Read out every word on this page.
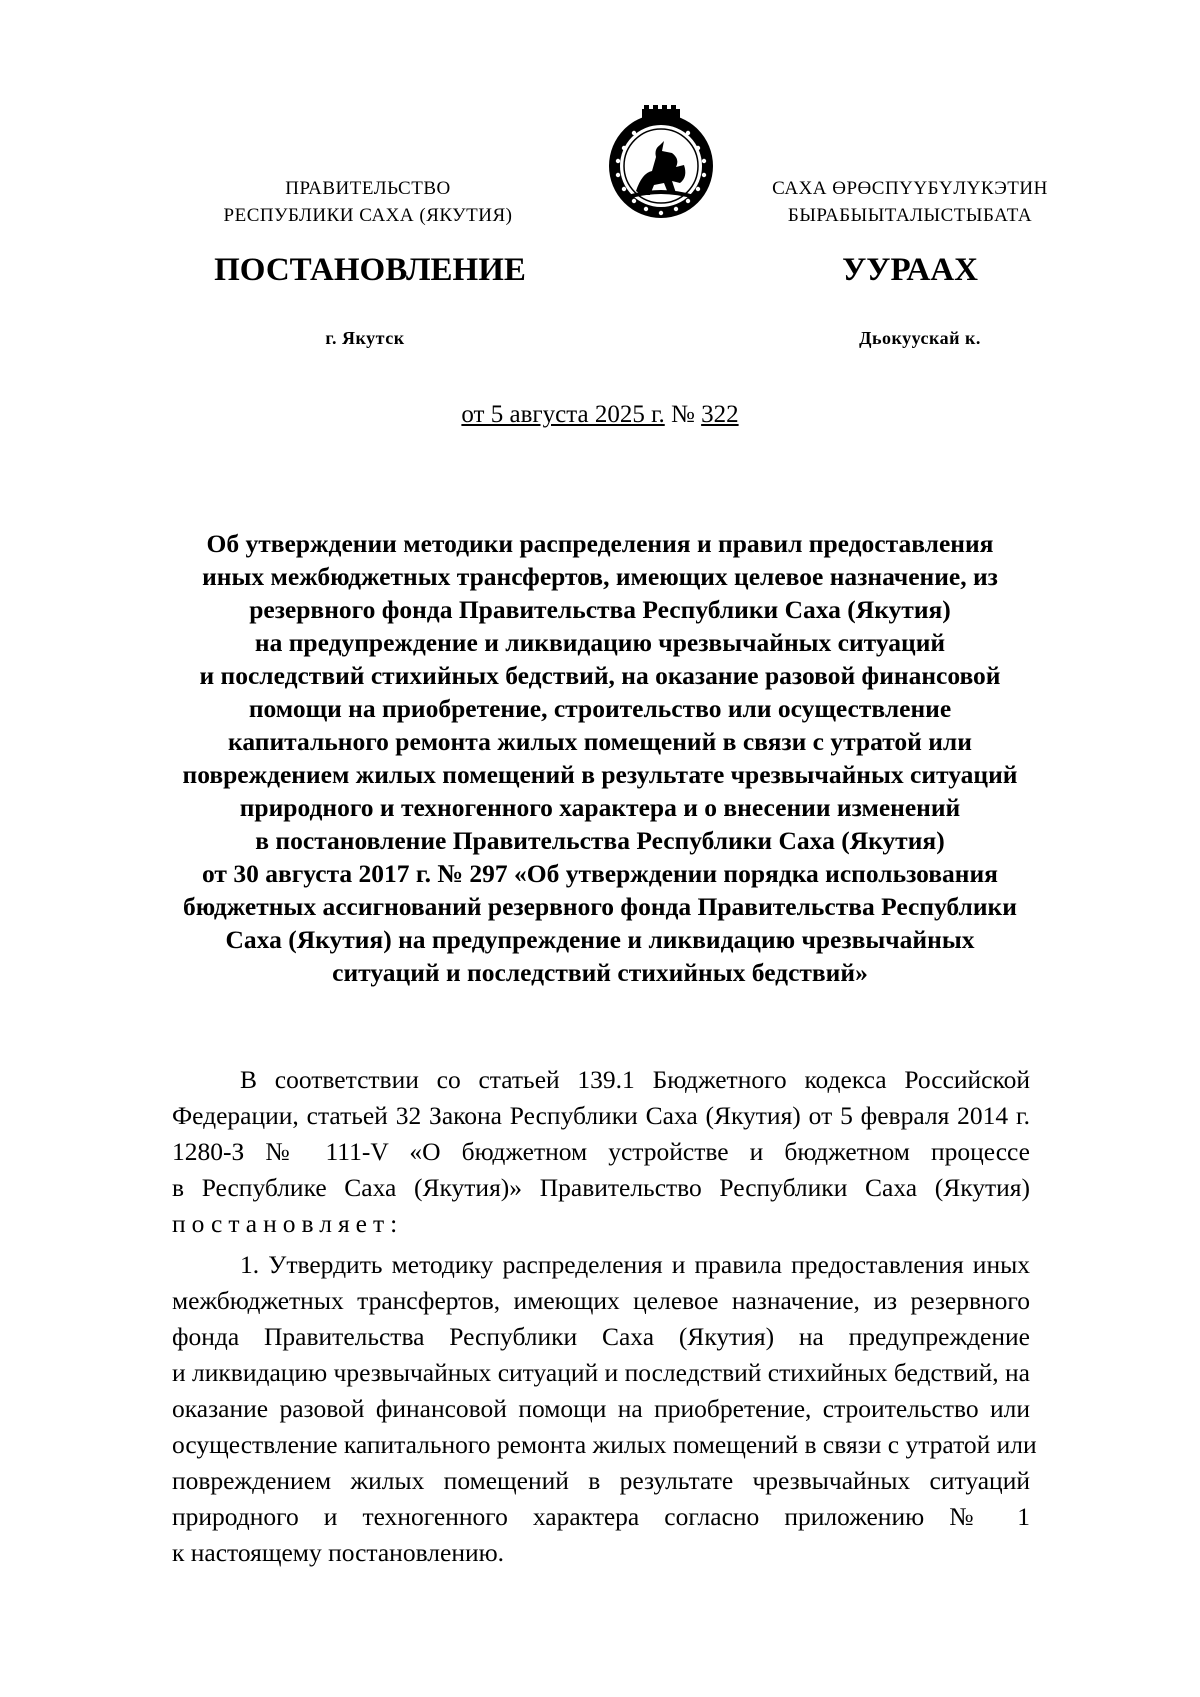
ПРАВИТЕЛЬСТВО
РЕСПУБЛИКИ САХА (ЯКУТИЯ)
САХА ӨРӨСПҮҮБҮЛҮКЭТИН
БЫРАБЫЫТАЛЫСТЫБАТА
ПОСТАНОВЛЕНИЕ	УУРААХ
г. Якутск	Дьокуускай к.
от 5 августа 2025 г. № 322
Об утверждении методики распределения и правил предоставления
иных межбюджетных трансфертов, имеющих целевое назначение, из
резервного фонда Правительства Республики Саха (Якутия)
на предупреждение и ликвидацию чрезвычайных ситуаций
и последствий стихийных бедствий, на оказание разовой финансовой
помощи на приобретение, строительство или осуществление
капитального ремонта жилых помещений в связи с утратой или
повреждением жилых помещений в результате чрезвычайных ситуаций
природного и техногенного характера и о внесении изменений
в постановление Правительства Республики Саха (Якутия)
от 30 августа 2017 г. № 297 «Об утверждении порядка использования
бюджетных ассигнований резервного фонда Правительства Республики
Саха (Якутия) на предупреждение и ликвидацию чрезвычайных
ситуаций и последствий стихийных бедствий»
В соответствии со статьей 139.1 Бюджетного кодекса Российской
Федерации, статьей 32 Закона Республики Саха (Якутия) от 5 февраля 2014 г.
1280-З № 111-V «О бюджетном устройстве и бюджетном процессе
в Республике Саха (Якутия)» Правительство Республики Саха (Якутия)
постановляет:
1. Утвердить методику распределения и правила предоставления иных
межбюджетных трансфертов, имеющих целевое назначение, из резервного
фонда Правительства Республики Саха (Якутия) на предупреждение
и ликвидацию чрезвычайных ситуаций и последствий стихийных бедствий, на
оказание разовой финансовой помощи на приобретение, строительство или
осуществление капитального ремонта жилых помещений в связи с утратой или
повреждением жилых помещений в результате чрезвычайных ситуаций
природного и техногенного характера согласно приложению № 1
к настоящему постановлению.
